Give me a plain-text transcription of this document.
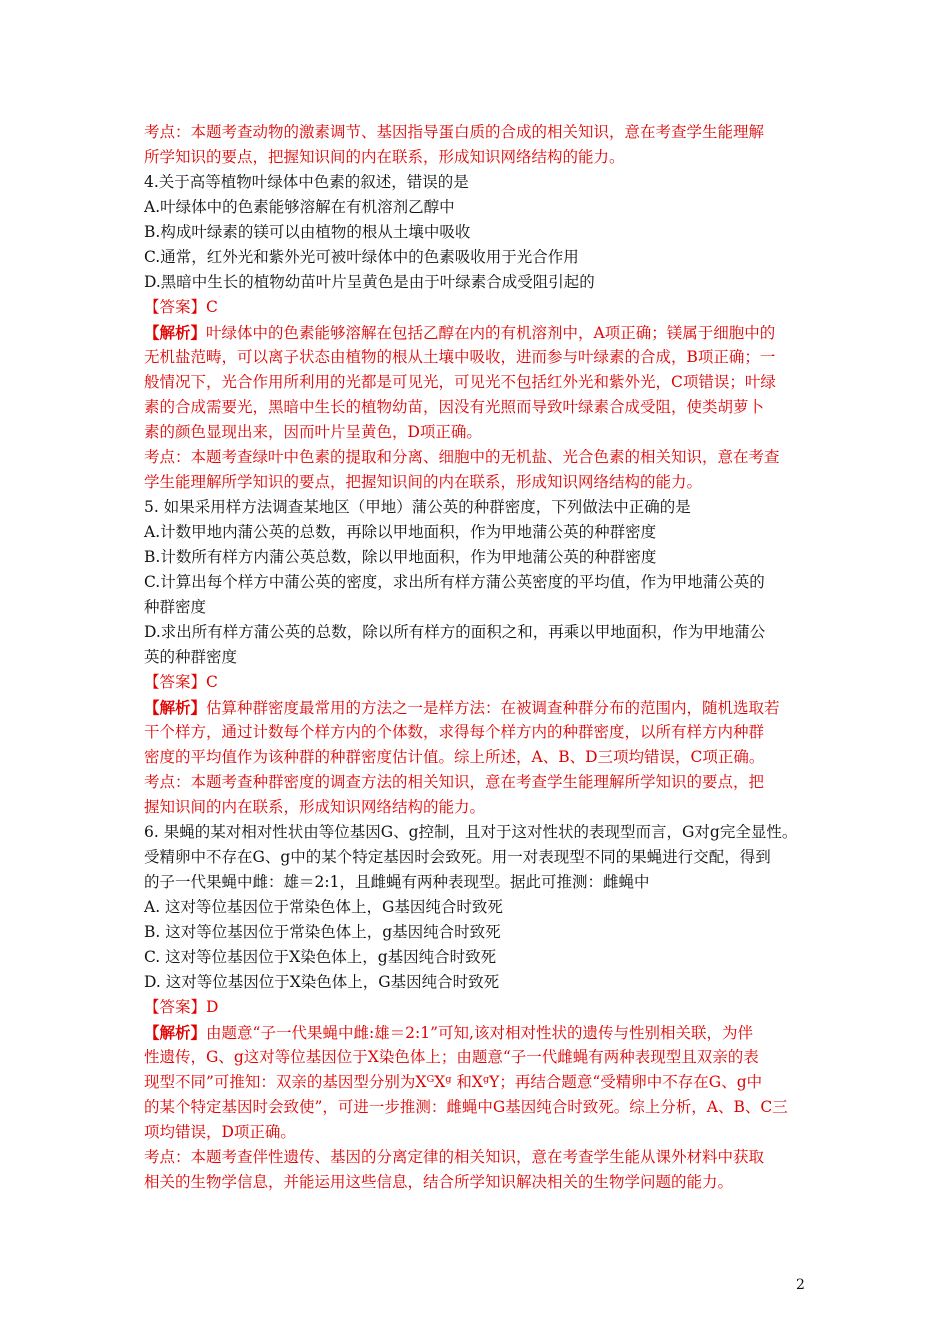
考点：本题考查动物的激素调节、基因指导蛋白质的合成的相关知识，意在考查学生能理解
所学知识的要点，把握知识间的内在联系，形成知识网络结构的能力。
4.关于高等植物叶绿体中色素的叙述，错误的是
A.叶绿体中的色素能够溶解在有机溶剂乙醇中
B.构成叶绿素的镁可以由植物的根从土壤中吸收
C.通常，红外光和紫外光可被叶绿体中的色素吸收用于光合作用
D.黑暗中生长的植物幼苗叶片呈黄色是由于叶绿素合成受阻引起的
【答案】C
【解析】叶绿体中的色素能够溶解在包括乙醇在内的有机溶剂中，A项正确；镁属于细胞中的
无机盐范畴，可以离子状态由植物的根从土壤中吸收，进而参与叶绿素的合成，B项正确；一
般情况下，光合作用所利用的光都是可见光，可见光不包括红外光和紫外光，C项错误；叶绿
素的合成需要光，黑暗中生长的植物幼苗，因没有光照而导致叶绿素合成受阻，使类胡萝卜
素的颜色显现出来，因而叶片呈黄色，D项正确。
考点：本题考查绿叶中色素的提取和分离、细胞中的无机盐、光合色素的相关知识，意在考查
学生能理解所学知识的要点，把握知识间的内在联系，形成知识网络结构的能力。
5. 如果采用样方法调查某地区（甲地）蒲公英的种群密度，下列做法中正确的是
A.计数甲地内蒲公英的总数，再除以甲地面积，作为甲地蒲公英的种群密度
B.计数所有样方内蒲公英总数，除以甲地面积，作为甲地蒲公英的种群密度
C.计算出每个样方中蒲公英的密度，求出所有样方蒲公英密度的平均值，作为甲地蒲公英的
种群密度
D.求出所有样方蒲公英的总数，除以所有样方的面积之和，再乘以甲地面积，作为甲地蒲公
英的种群密度
【答案】C
【解析】估算种群密度最常用的方法之一是样方法：在被调查种群分布的范围内，随机选取若
干个样方，通过计数每个样方内的个体数，求得每个样方内的种群密度，以所有样方内种群
密度的平均值作为该种群的种群密度估计值。综上所述，A、B、D三项均错误，C项正确。
考点：本题考查种群密度的调查方法的相关知识，意在考查学生能理解所学知识的要点，把
握知识间的内在联系，形成知识网络结构的能力。
6. 果蝇的某对相对性状由等位基因G、g控制，且对于这对性状的表现型而言，G对g完全显性。
受精卵中不存在G、g中的某个特定基因时会致死。用一对表现型不同的果蝇进行交配，得到
的子一代果蝇中雌：雄＝2:1，且雌蝇有两种表现型。据此可推测：雌蝇中
A. 这对等位基因位于常染色体上，G基因纯合时致死
B. 这对等位基因位于常染色体上，g基因纯合时致死
C. 这对等位基因位于X染色体上，g基因纯合时致死
D. 这对等位基因位于X染色体上，G基因纯合时致死
【答案】D
【解析】由题意“子一代果蝇中雌:雄＝2:1”可知,该对相对性状的遗传与性别相关联，为伴
性遗传，G、g这对等位基因位于X染色体上；由题意“子一代雌蝇有两种表现型且双亲的表
现型不同”可推知：双亲的基因型分别为XᴳXᵍ 和XᵍY；再结合题意“受精卵中不存在G、g中
的某个特定基因时会致使”，可进一步推测：雌蝇中G基因纯合时致死。综上分析，A、B、C三
项均错误，D项正确。
考点：本题考查伴性遗传、基因的分离定律的相关知识，意在考查学生能从课外材料中获取
相关的生物学信息，并能运用这些信息，结合所学知识解决相关的生物学问题的能力。
2
